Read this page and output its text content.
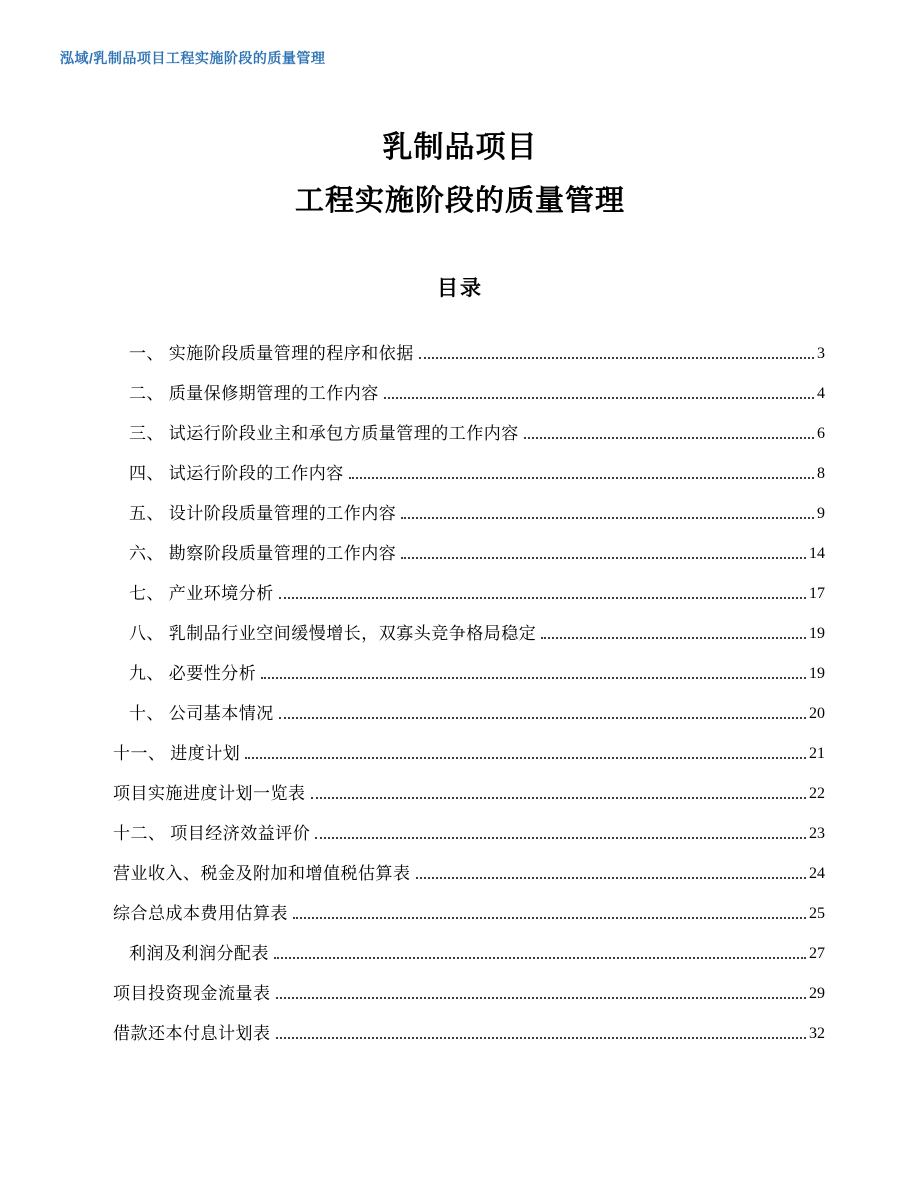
泓域/乳制品项目工程实施阶段的质量管理
乳制品项目
工程实施阶段的质量管理
目录
一、 实施阶段质量管理的程序和依据	3
二、 质量保修期管理的工作内容	4
三、 试运行阶段业主和承包方质量管理的工作内容	6
四、 试运行阶段的工作内容	8
五、 设计阶段质量管理的工作内容	9
六、 勘察阶段质量管理的工作内容	14
七、 产业环境分析	17
八、 乳制品行业空间缓慢增长，双寡头竞争格局稳定	19
九、 必要性分析	19
十、 公司基本情况	20
十一、 进度计划	21
项目实施进度计划一览表	22
十二、 项目经济效益评价	23
营业收入、税金及附加和增值税估算表	24
综合总成本费用估算表	25
利润及利润分配表	27
项目投资现金流量表	29
借款还本付息计划表	32
